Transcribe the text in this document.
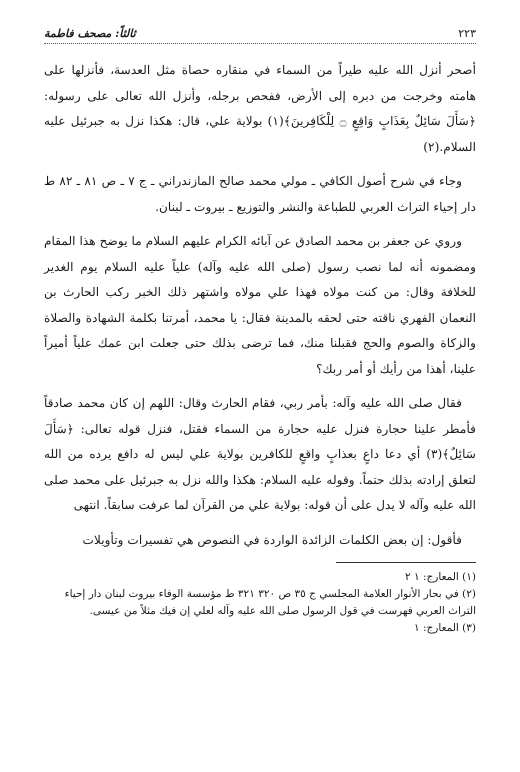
٢٢٣
ثالثاً: مصحف فاطمة

أصحر أنزل الله عليه طيراً من السماء في منقاره حصاة مثل العدسة، فأنزلها على هامته وخرجت من دبره إلى الأرض، ففحص برجله، وأنزل الله تعالى على رسوله: ﴿سَأَلَ سَائِلٌ بِعَذَابٍ وَاقِعٍ ۝ لِلْكَافِرينَ﴾(١) بولاية علي، قال: هكذا نزل به جبرئيل عليه السلام.(٢)

وجاء في شرح أصول الكافي ـ مولي محمد صالح المازندراني ـ ج ٧ ـ ص ٨١ ـ ٨٢ ط دار إحياء التراث العربي للطباعة والنشر والتوزيع ـ بيروت ـ لبنان.

وروي عن جعفر بن محمد الصادق عن آبائه الكرام عليهم السلام ما يوضح هذا المقام ومضمونه أنه لما نصب رسول (صلى الله عليه وآله) علياً عليه السلام يوم الغدير للخلافة وقال: من كنت مولاه فهذا علي مولاه واشتهر ذلك الخبر ركب الحارث بن النعمان الفهري ناقته حتى لحقه بالمدينة فقال: يا محمد، أمرتنا بكلمة الشهادة والصلاة والزكاة والصوم والحج فقبلنا منك، فما ترضى بذلك حتى جعلت ابن عمك علياً أميراً علينا، أهذا من رأيك أو أمر ربك؟

فقال صلى الله عليه وآله: بأمر ربي، فقام الحارث وقال: اللهم إن كان محمد صادقاً فأمطر علينا حجارة فنزل عليه حجارة من السماء فقتل، فنزل قوله تعالى: ﴿سَأَلَ سَائِلٌ﴾(٣) أي دعا داعٍ بعذابٍ واقعٍ للكافرين بولاية علي ليس له دافع يرده من الله لتعلق إرادته بذلك حتماً. وقوله عليه السلام: هكذا والله نزل به جبرئيل على محمد صلى الله عليه وآله لا يدل على أن قوله: بولاية علي من القرآن لما عرفت سابقاً. انتهى

فأقول: إن بعض الكلمات الزائدة الواردة في النصوص هي تفسيرات وتأويلات

(١) المعارج: ١ ٢
(٢) في بحار الأنوار العلامة المجلسي ج ٣٥ ص ٣٢٠ ٣٢١ ط مؤسسة الوفاء بيروت لبنان دار إحياء التراث العربي فهرست في قول الرسول صلى الله عليه وآله لعلي إن فيك مثلاً من عيسى.
(٣) المعارج: ١
